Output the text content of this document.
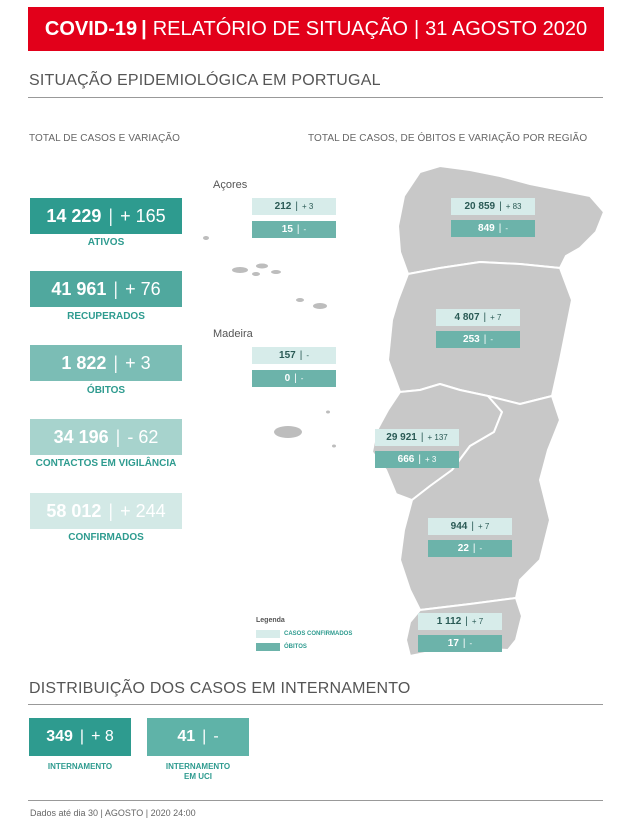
COVID-19 | RELATÓRIO DE SITUAÇÃO | 31 AGOSTO 2020
SITUAÇÃO EPIDEMIOLÓGICA EM PORTUGAL
TOTAL DE CASOS E VARIAÇÃO	TOTAL DE CASOS, DE ÓBITOS E VARIAÇÃO POR REGIÃO
14 229 | + 165
ATIVOS
41 961 | + 76
RECUPERADOS
1 822 | + 3
ÓBITOS
34 196 | - 62
CONTACTOS EM VIGILÂNCIA
58 012 | + 244
CONFIRMADOS
Açores
Madeira
212 | + 3
15 | -
157 | -
0 | -
20 859 | + 83
849 | -
4 807 | + 7
253 | -
29 921 | + 137
666 | + 3
944 | + 7
22 | -
1 112 | + 7
17 | -
Legenda
CASOS CONFIRMADOS
ÓBITOS
DISTRIBUIÇÃO DOS CASOS EM INTERNAMENTO
349 | + 8
INTERNAMENTO
41 | -
INTERNAMENTO
EM UCI
Dados até dia 30 | AGOSTO | 2020 24:00
